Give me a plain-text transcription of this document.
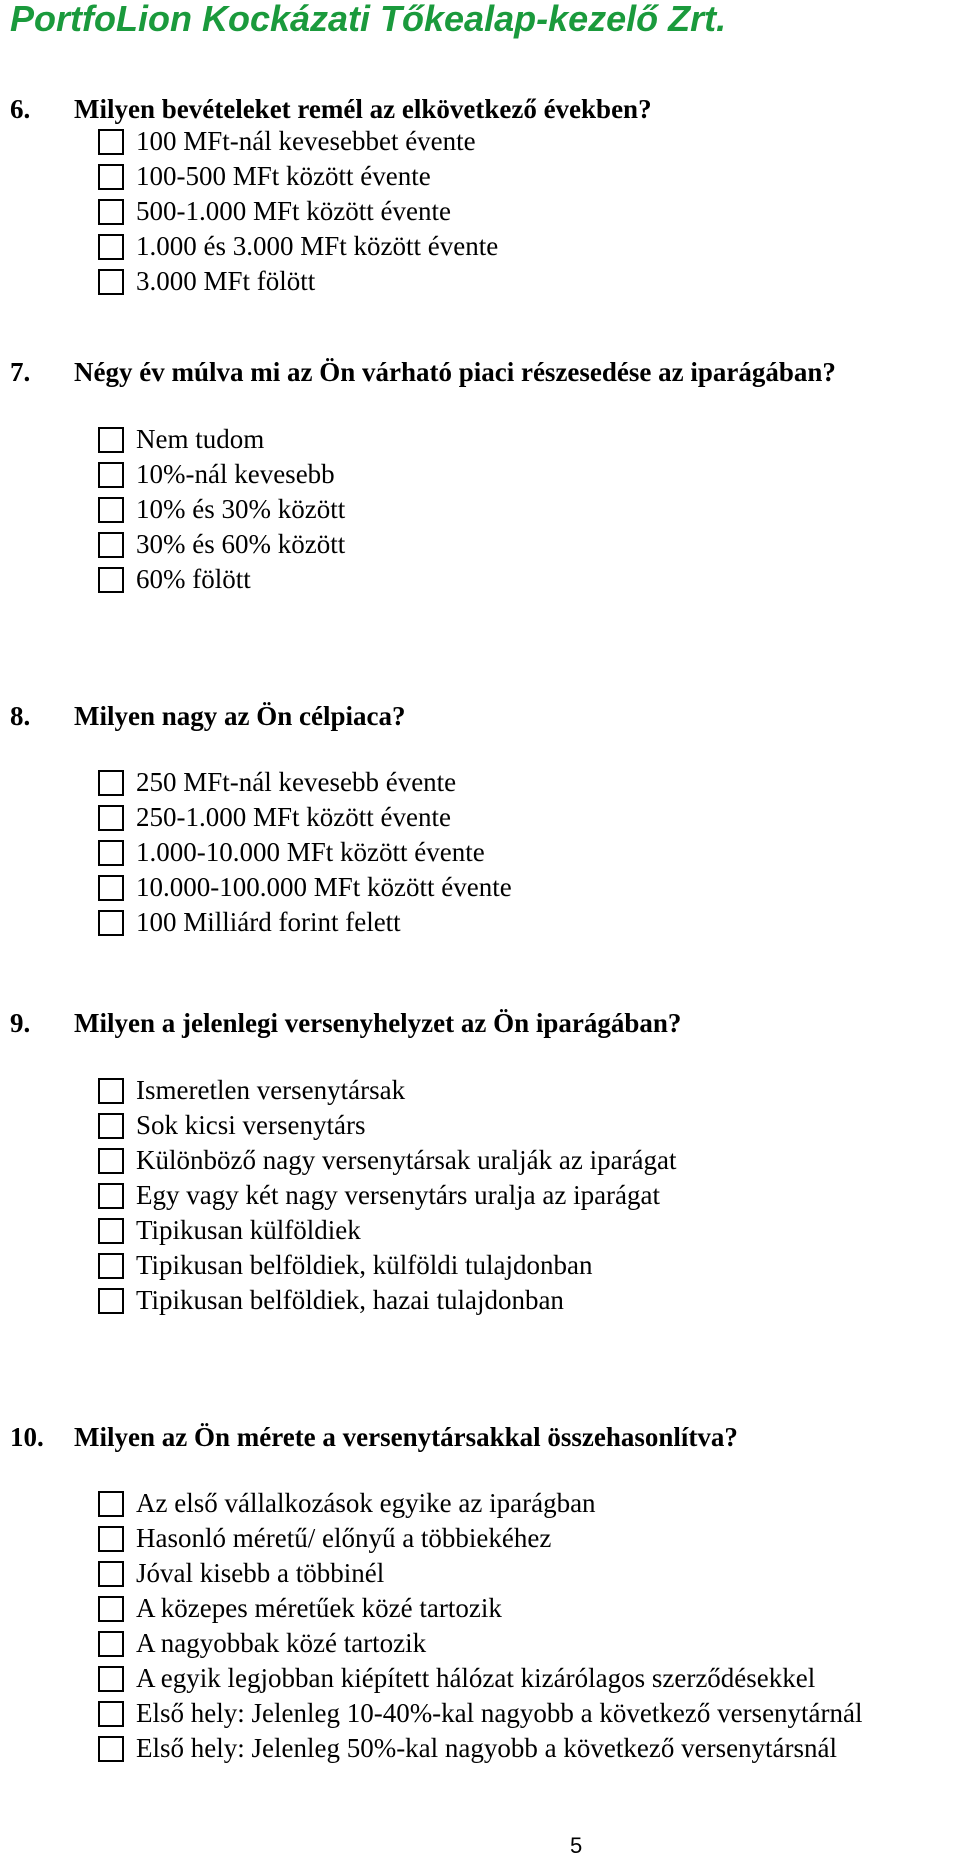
PortfoLion Kockázati Tőkealap-kezelő Zrt.
6. Milyen bevételeket remél az elkövetkező években?
100 MFt-nál kevesebbet évente
100-500 MFt között évente
500-1.000 MFt között évente
1.000 és 3.000 MFt között évente
3.000 MFt fölött
7. Négy év múlva mi az Ön várható piaci részesedése az iparágában?
Nem tudom
10%-nál kevesebb
10% és 30% között
30% és 60% között
60% fölött
8. Milyen nagy az Ön célpiaca?
250 MFt-nál kevesebb évente
250-1.000 MFt között évente
1.000-10.000 MFt között évente
10.000-100.000 MFt között évente
100 Milliárd forint felett
9. Milyen a jelenlegi versenyhelyzet az Ön iparágában?
Ismeretlen versenytársak
Sok kicsi versenytárs
Különböző nagy versenytársak uralják az iparágat
Egy vagy két nagy versenytárs uralja az iparágat
Tipikusan külföldiek
Tipikusan belföldiek, külföldi tulajdonban
Tipikusan belföldiek, hazai tulajdonban
10. Milyen az Ön mérete a versenytársakkal összehasonlítva?
Az első vállalkozások egyike az iparágban
Hasonló méretű/ előnyű a többiekéhez
Jóval kisebb a többinél
A közepes méretűek közé tartozik
A nagyobbak közé tartozik
A egyik legjobban kiépített hálózat kizárólagos szerződésekkel
Első hely: Jelenleg 10-40%-kal nagyobb a következő versenytárnál
Első hely: Jelenleg 50%-kal nagyobb a következő versenytársnál
5
